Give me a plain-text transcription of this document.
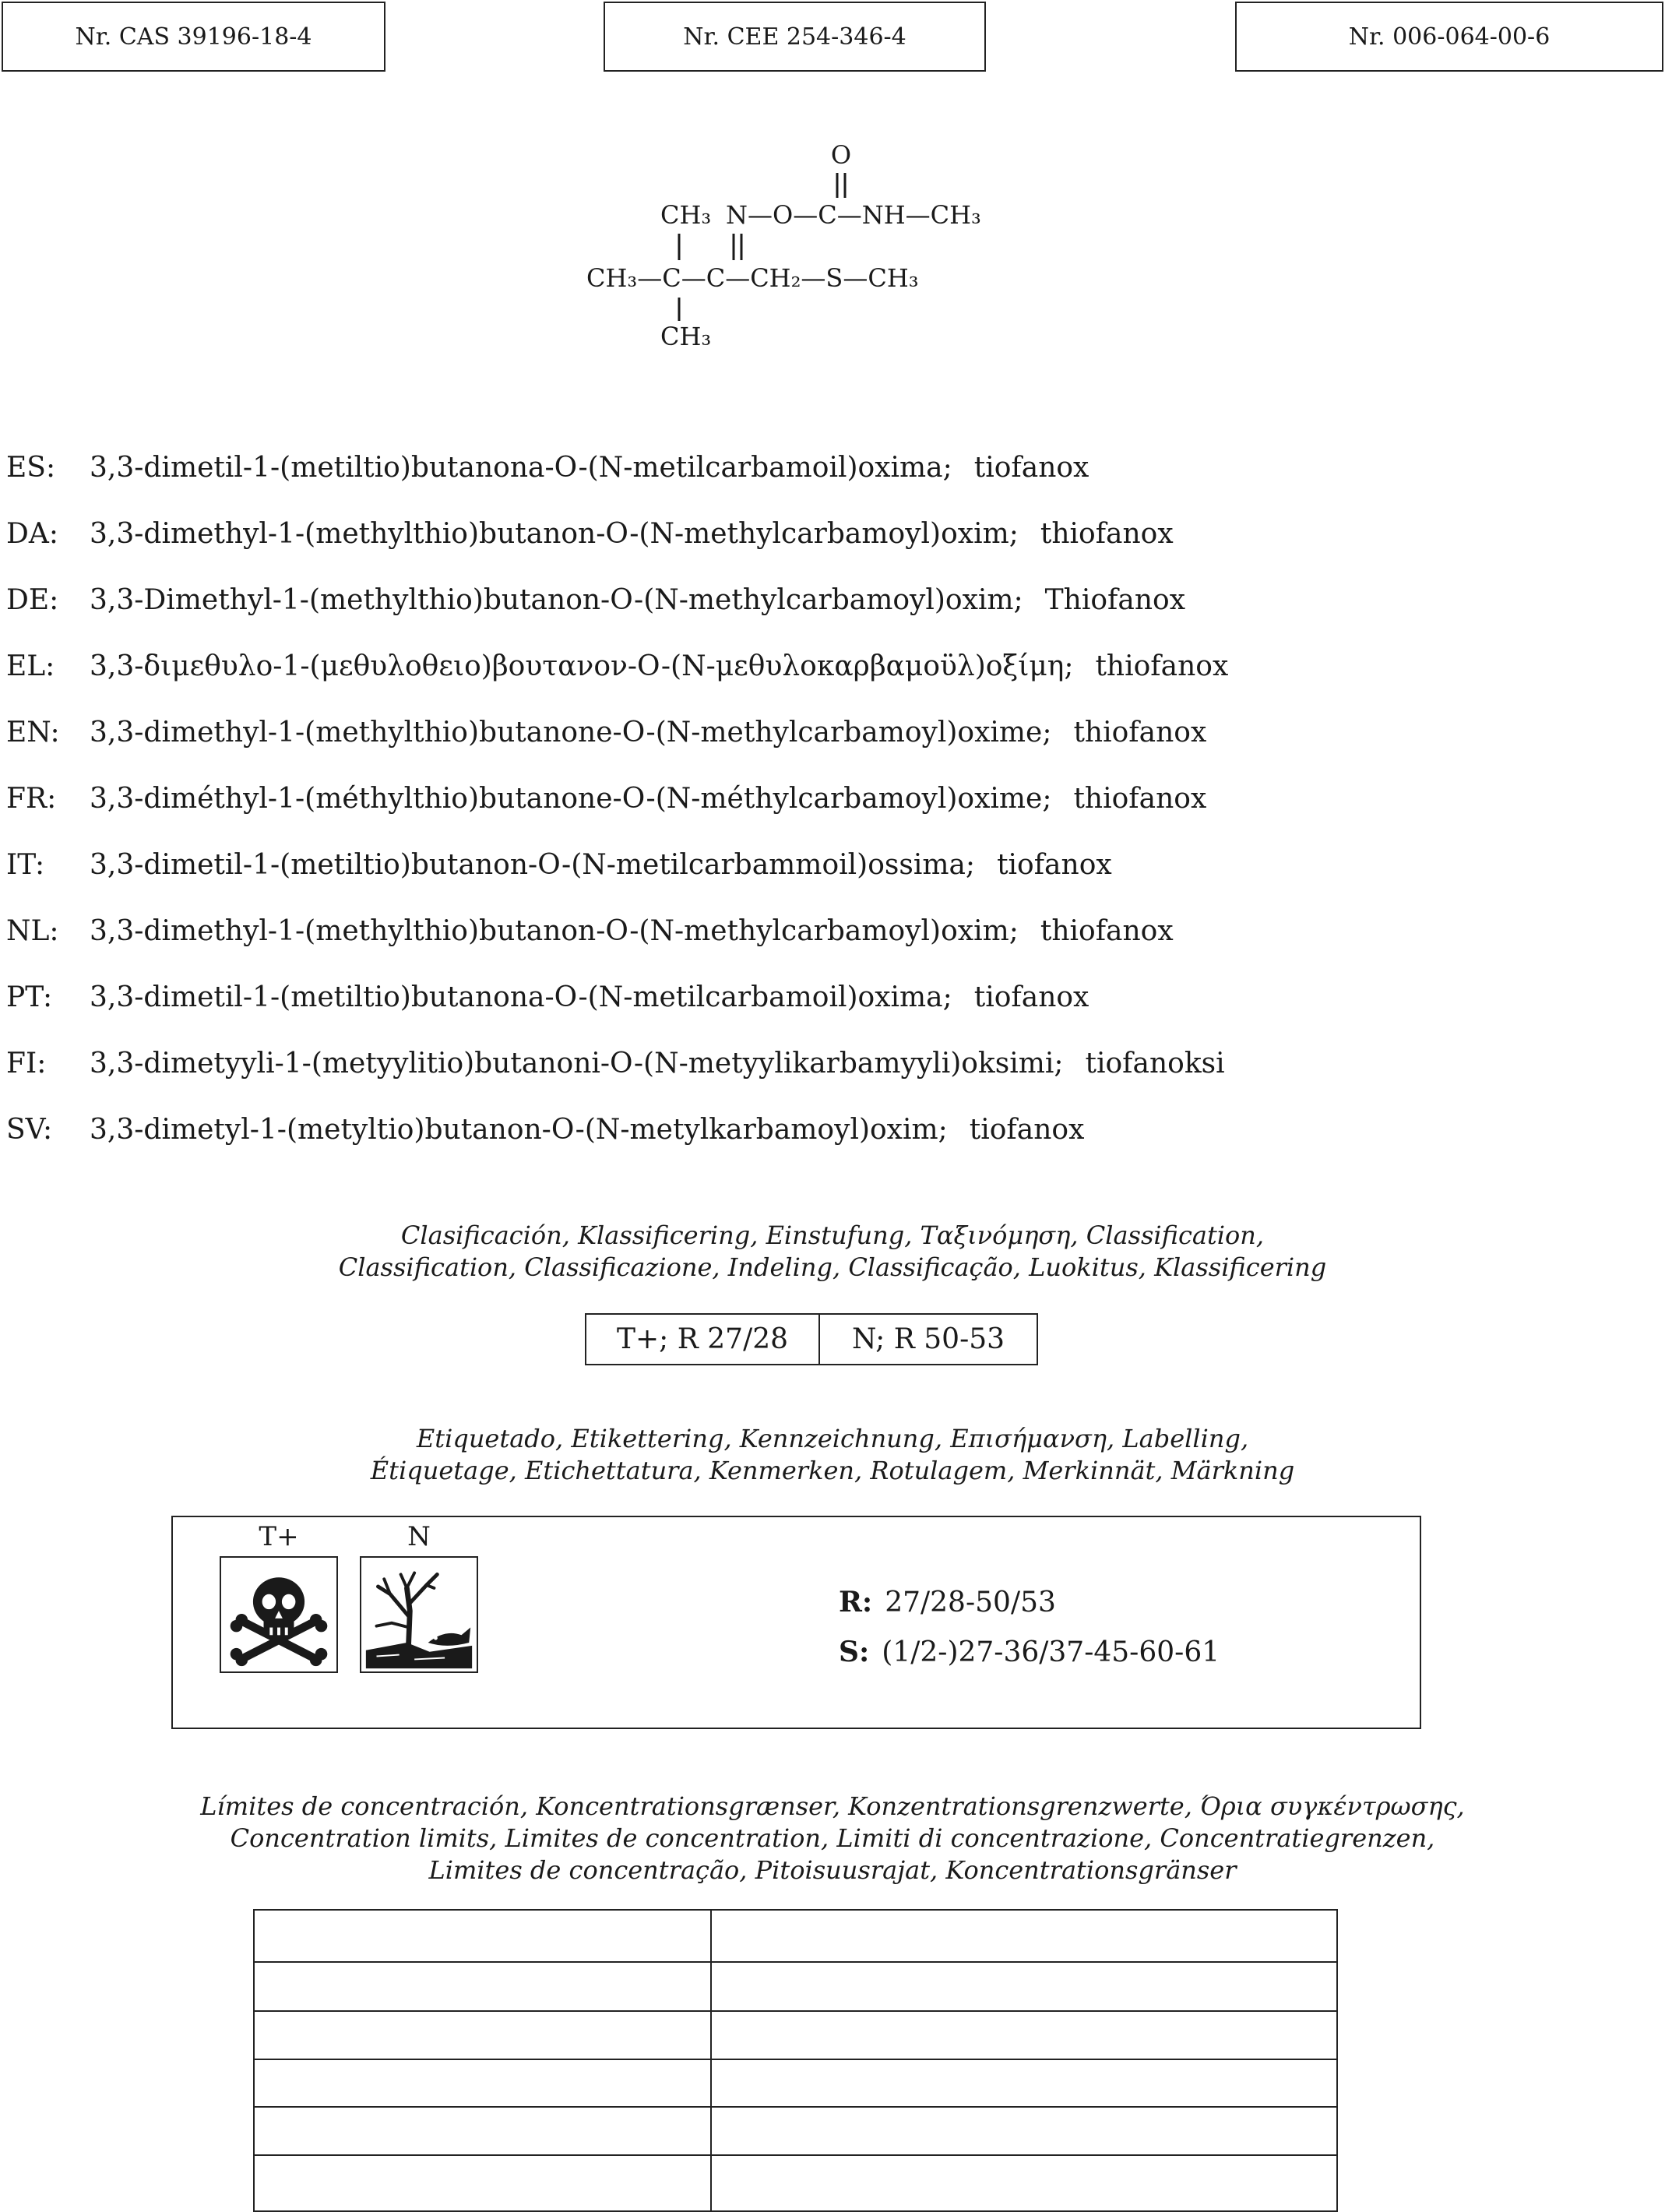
Nr. CAS 39196-18-4	Nr. CEE 254-346-4	Nr. 006-064-00-6
O
CH₃ N—O—C—NH—CH₃
CH₃—C—C—CH₂—S—CH₃
CH₃
ES:	3,3-dimetil-1-(metiltio)butanona-O-(N-metilcarbamoil)oxima; tiofanox
DA:	3,3-dimethyl-1-(methylthio)butanon-O-(N-methylcarbamoyl)oxim; thiofanox
DE:	3,3-Dimethyl-1-(methylthio)butanon-O-(N-methylcarbamoyl)oxim; Thiofanox
EL:	3,3-διμεθυλο-1-(μεθυλοθειο)βουτανον-O-(N-μεθυλοκαρβαμοϋλ)οξίμη; thiofanox
EN:	3,3-dimethyl-1-(methylthio)butanone-O-(N-methylcarbamoyl)oxime; thiofanox
FR:	3,3-diméthyl-1-(méthylthio)butanone-O-(N-méthylcarbamoyl)oxime; thiofanox
IT:	3,3-dimetil-1-(metiltio)butanon-O-(N-metilcarbammoil)ossima; tiofanox
NL:	3,3-dimethyl-1-(methylthio)butanon-O-(N-methylcarbamoyl)oxim; thiofanox
PT:	3,3-dimetil-1-(metiltio)butanona-O-(N-metilcarbamoil)oxima; tiofanox
FI:	3,3-dimetyyli-1-(metyylitio)butanoni-O-(N-metyylikarbamyyli)oksimi; tiofanoksi
SV:	3,3-dimetyl-1-(metyltio)butanon-O-(N-metylkarbamoyl)oxim; tiofanox
Clasificación, Klassificering, Einstufung, Ταξινόμηση, Classification,
Classification, Classificazione, Indeling, Classificação, Luokitus, Klassificering
T+; R 27/28	N; R 50-53
Etiquetado, Etikettering, Kennzeichnung, Επισήμανση, Labelling,
Étiquetage, Etichettatura, Kenmerken, Rotulagem, Merkinnät, Märkning
T+	N
R: 27/28-50/53
S: (1/2-)27-36/37-45-60-61
Límites de concentración, Koncentrationsgrænser, Konzentrationsgrenzwerte, Όρια συγκέντρωσης,
Concentration limits, Limites de concentration, Limiti di concentrazione, Concentratiegrenzen,
Limites de concentração, Pitoisuusrajat, Koncentrationsgränser
